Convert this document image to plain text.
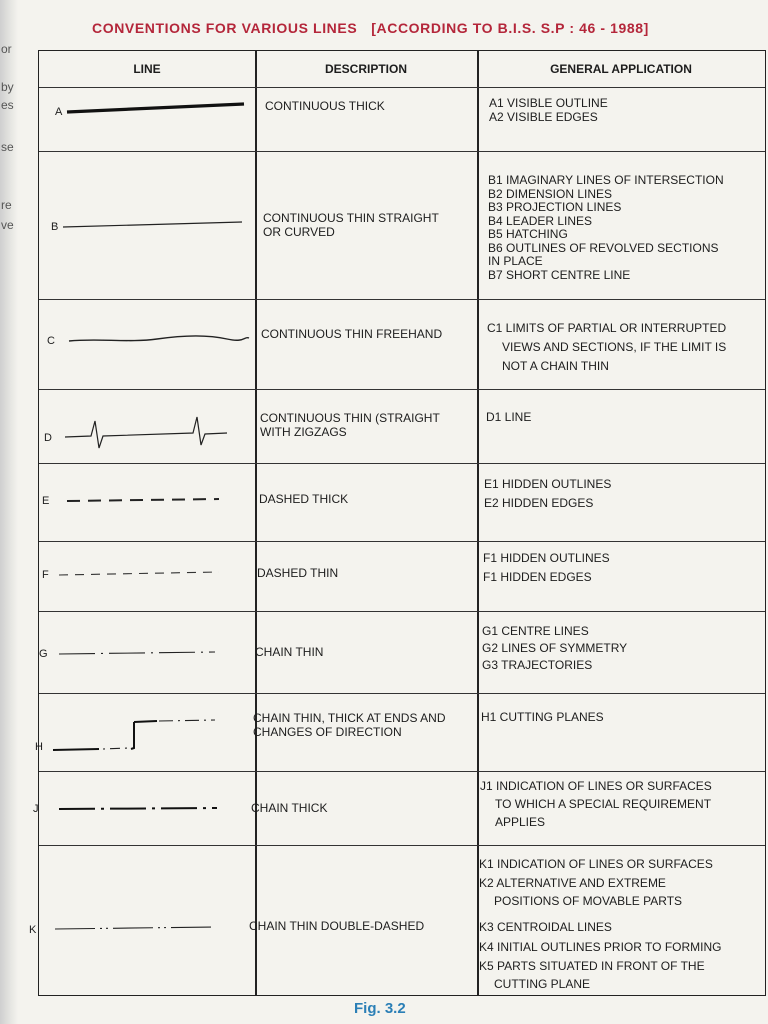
or
by
es
se
re
ve
CONVENTIONS FOR VARIOUS LINES [ACCORDING TO B.I.S. S.P : 46 - 1988]
LINE	DESCRIPTION	GENERAL APPLICATION
A
B
C
D
E
F
G
H
J
K
CONTINUOUS THICK
CONTINUOUS THIN STRAIGHT OR CURVED
CONTINUOUS THIN FREEHAND
CONTINUOUS THIN (STRAIGHT WITH ZIGZAGS
DASHED THICK
DASHED THIN
CHAIN THIN
CHAIN THIN, THICK AT ENDS AND CHANGES OF DIRECTION
CHAIN THICK
CHAIN THIN DOUBLE-DASHED
A1 VISIBLE OUTLINE
A2 VISIBLE EDGES
B1 IMAGINARY LINES OF INTERSECTION
B2 DIMENSION LINES
B3 PROJECTION LINES
B4 LEADER LINES
B5 HATCHING
B6 OUTLINES OF REVOLVED SECTIONS
IN PLACE
B7 SHORT CENTRE LINE
C1 LIMITS OF PARTIAL OR INTERRUPTED
VIEWS AND SECTIONS, IF THE LIMIT IS
NOT A CHAIN THIN
D1 LINE
E1 HIDDEN OUTLINES
E2 HIDDEN EDGES
F1 HIDDEN OUTLINES
F1 HIDDEN EDGES
G1 CENTRE LINES
G2 LINES OF SYMMETRY
G3 TRAJECTORIES
H1 CUTTING PLANES
J1 INDICATION OF LINES OR SURFACES
TO WHICH A SPECIAL REQUIREMENT
APPLIES
K1 INDICATION OF LINES OR SURFACES
K2 ALTERNATIVE AND EXTREME
POSITIONS OF MOVABLE PARTS
K3 CENTROIDAL LINES
K4 INITIAL OUTLINES PRIOR TO FORMING
K5 PARTS SITUATED IN FRONT OF THE
CUTTING PLANE
Fig. 3.2
